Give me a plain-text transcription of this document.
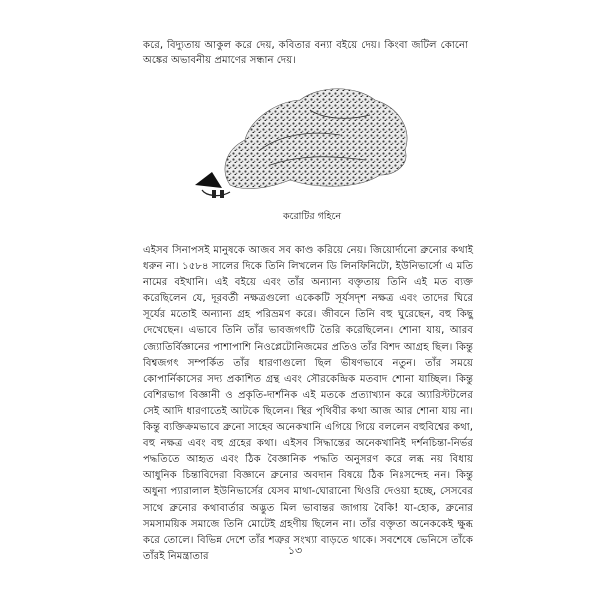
করে, বিদ্যুতায় আকুল করে দেয়, কবিতার বন্যা বইয়ে দেয়। কিংবা জটিল কোনো অঙ্কের অভাবনীয় প্রমাণের সন্ধান দেয়।

করোটির গহিনে

এইসব সিনাপসই মানুষকে আজব সব কাণ্ড করিয়ে নেয়। জিয়োর্দানো ব্রুনোর কথাই ধরুন না। ১৫৮৪ সালের দিকে তিনি লিখলেন ডি লিনফিনিটো, ইউনিভার্সো এ মতি নামের বইখানি। এই বইয়ে এবং তাঁর অন্যান্য বক্তৃতায় তিনি এই মত ব্যক্ত করেছিলেন যে, দূরবর্তী নক্ষত্রগুলো একেকটি সূর্যসদৃশ নক্ষত্র এবং তাদের ঘিরে সূর্যের মতোই অন্যান্য গ্রহ পরিভ্রমণ করে। জীবনে তিনি বহু ঘুরেছেন, বহু কিছু দেখেছেন। এভাবে তিনি তাঁর ভাবজগৎটি তৈরি করেছিলেন। শোনা যায়, আরব জ্যোতির্বিজ্ঞানের পাশাপাশি নিওপ্লেটোনিজমের প্রতিও তাঁর বিশদ আগ্রহ ছিল। কিন্তু বিশ্বজগৎ সম্পর্কিত তাঁর ধারণাগুলো ছিল ভীষণভাবে নতুন। তাঁর সময়ে কোপার্নিকাসের সদ্য প্রকাশিত গ্রন্থ এবং সৌরকেন্দ্রিক মতবাদ শোনা যাচ্ছিল। কিন্তু বেশিরভাগ বিজ্ঞানী ও প্রকৃতি-দার্শনিক এই মতকে প্রত্যাখ্যান করে অ্যারিস্টটলের সেই আদি ধারণাতেই আটকে ছিলেন। স্থির পৃথিবীর কথা আজ আর শোনা যায় না। কিন্তু ব্যক্তিক্রমভাবে ব্রুনো সাহেব অনেকখানি এগিয়ে গিয়ে বললেন বহুবিশ্বের কথা, বহু নক্ষত্র এবং বহু গ্রহের কথা। এইসব সিদ্ধান্তের অনেকখানিই দর্শনচিন্তা-নির্ভর পদ্ধতিতে আহৃত এবং ঠিক বৈজ্ঞানিক পদ্ধতি অনুসরণ করে লব্ধ নয় বিধায় আধুনিক চিন্তাবিদেরা বিজ্ঞানে ব্রুনোর অবদান বিষয়ে ঠিক নিঃসন্দেহ নন। কিন্তু অধুনা প্যারালাল ইউনিভার্সের যেসব মাথা-ঘোরানো থিওরি দেওয়া হচ্ছে, সেসবের সাথে ব্রুনোর কথাবার্তার অদ্ভুত মিল ভাবান্তর জাগায় বৈকি! যা-হোক, ব্রুনোর সমসাময়িক সমাজে তিনি মোটেই গ্রহণীয় ছিলেন না। তাঁর বক্তৃতা অনেককেই ক্ষুব্ধ করে তোলে। বিভিন্ন দেশে তাঁর শত্রুর সংখ্যা বাড়তে থাকে। সবশেষে ভেনিসে তাঁকে তাঁরই নিমন্ত্রাতার	১৩
